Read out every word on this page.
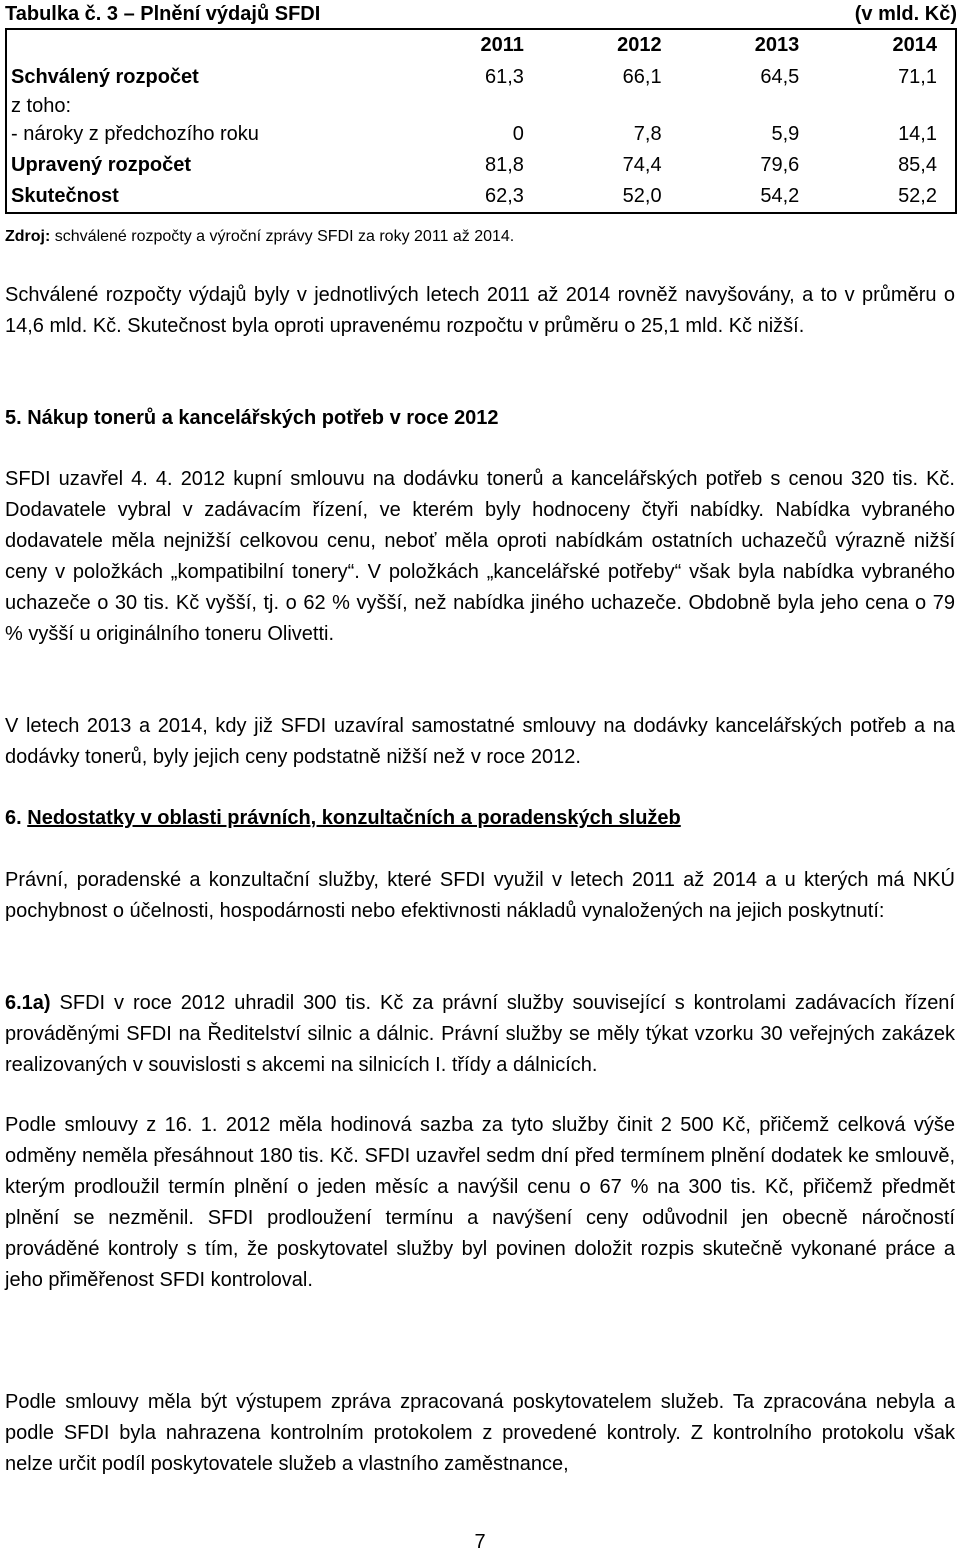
Tabulka č. 3 – Plnění výdajů SFDI	(v mld. Kč)
	2011	2012	2013	2014
Schválený rozpočet	61,3	66,1	64,5	71,1
z toho:				
- nároky z předchozího roku	0	7,8	5,9	14,1
Upravený rozpočet	81,8	74,4	79,6	85,4
Skutečnost	62,3	52,0	54,2	52,2
Zdroj: schválené rozpočty a výroční zprávy SFDI za roky 2011 až 2014.
Schválené rozpočty výdajů byly v jednotlivých letech 2011 až 2014 rovněž navyšovány, a to v průměru o 14,6 mld. Kč. Skutečnost byla oproti upravenému rozpočtu v průměru o 25,1 mld. Kč nižší.
5. Nákup tonerů a kancelářských potřeb v roce 2012
SFDI uzavřel 4. 4. 2012 kupní smlouvu na dodávku tonerů a kancelářských potřeb s cenou 320 tis. Kč. Dodavatele vybral v zadávacím řízení, ve kterém byly hodnoceny čtyři nabídky. Nabídka vybraného dodavatele měla nejnižší celkovou cenu, neboť měla oproti nabídkám ostatních uchazečů výrazně nižší ceny v položkách „kompatibilní tonery“. V položkách „kancelářské potřeby“ však byla nabídka vybraného uchazeče o 30 tis. Kč vyšší, tj. o 62 % vyšší, než nabídka jiného uchazeče. Obdobně byla jeho cena o 79 % vyšší u originálního toneru Olivetti.
V letech 2013 a 2014, kdy již SFDI uzavíral samostatné smlouvy na dodávky kancelářských potřeb a na dodávky tonerů, byly jejich ceny podstatně nižší než v roce 2012.
6. Nedostatky v oblasti právních, konzultačních a poradenských služeb
Právní, poradenské a konzultační služby, které SFDI využil v letech 2011 až 2014 a u kterých má NKÚ pochybnost o účelnosti, hospodárnosti nebo efektivnosti nákladů vynaložených na jejich poskytnutí:
6.1a) SFDI v roce 2012 uhradil 300 tis. Kč za právní služby související s kontrolami zadávacích řízení prováděnými SFDI na Ředitelství silnic a dálnic. Právní služby se měly týkat vzorku 30 veřejných zakázek realizovaných v souvislosti s akcemi na silnicích I. třídy a dálnicích.
Podle smlouvy z 16. 1. 2012 měla hodinová sazba za tyto služby činit 2 500 Kč, přičemž celková výše odměny neměla přesáhnout 180 tis. Kč. SFDI uzavřel sedm dní před termínem plnění dodatek ke smlouvě, kterým prodloužil termín plnění o jeden měsíc a navýšil cenu o 67 % na 300 tis. Kč, přičemž předmět plnění se nezměnil. SFDI prodloužení termínu a navýšení ceny odůvodnil jen obecně náročností prováděné kontroly s tím, že poskytovatel služby byl povinen doložit rozpis skutečně vykonané práce a jeho přiměřenost SFDI kontroloval.
Podle smlouvy měla být výstupem zpráva zpracovaná poskytovatelem služeb. Ta zpracována nebyla a podle SFDI byla nahrazena kontrolním protokolem z provedené kontroly. Z kontrolního protokolu však nelze určit podíl poskytovatele služeb a vlastního zaměstnance,
7
